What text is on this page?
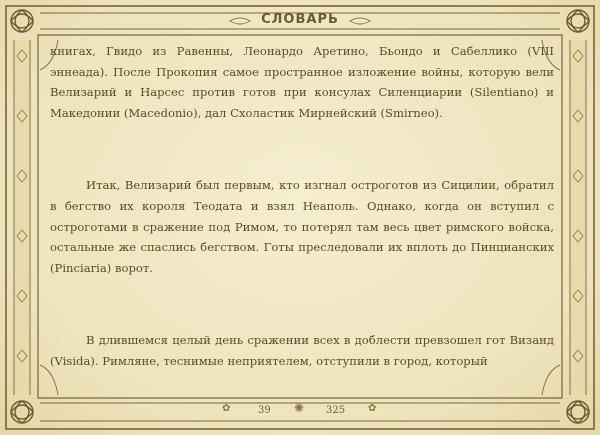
СЛОВАРЬ

книгах, Гвидо из Равенны, Леонардо Аретино, Бьондо и Сабеллико (VIII эннеада). После Прокопия самое пространное изложение войны, которую вели Велизарий и Нарсес против готов при консулах Силенциарии (Silentiano) и Македонии (Macedonio), дал Схоластик Мирнейский (Smirneo).

Итак, Велизарий был первым, кто изгнал остроготов из Сицилии, обратил в бегство их короля Теодата и взял Неаполь. Однако, когда он вступил с остроготами в сражение под Римом, то потерял там весь цвет римского войска, остальные же спаслись бегством. Готы преследовали их вплоть до Пинцианских (Pinciaria) ворот.

В длившемся целый день сражении всех в доблести превзошел гот Визанд (Visida). Римляне, теснимые неприятелем, отступили в город, который

✿	39 ✺ 325 ✿
